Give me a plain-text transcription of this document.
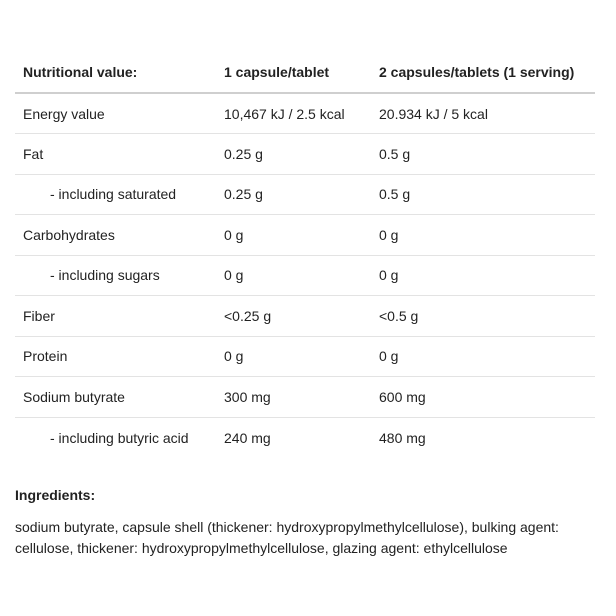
Nutritional value:	1 capsule/tablet	2 capsules/tablets (1 serving)
Energy value	10,467 kJ / 2.5 kcal	20.934 kJ / 5 kcal
Fat	0.25 g	0.5 g
- including saturated	0.25 g	0.5 g
Carbohydrates	0 g	0 g
- including sugars	0 g	0 g
Fiber	<0.25 g	<0.5 g
Protein	0 g	0 g
Sodium butyrate	300 mg	600 mg
- including butyric acid	240 mg	480 mg
Ingredients:

sodium butyrate, capsule shell (thickener: hydroxypropylmethylcellulose), bulking agent: cellulose, thickener: hydroxypropylmethylcellulose, glazing agent: ethylcellulose
